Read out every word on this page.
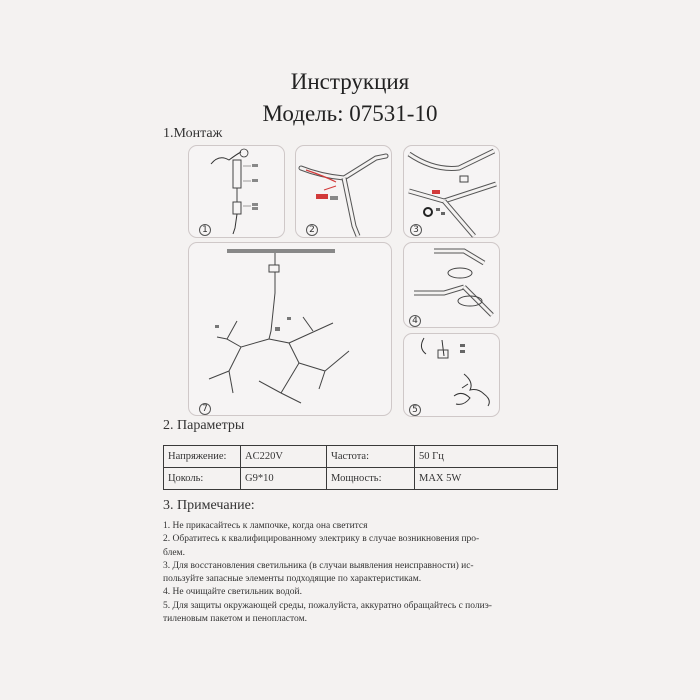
Инструкция
Модель: 07531-10
1.Монтаж
1	2	3
7
4
5
2. Параметры
Напряжение:	AC220V	Частота:	50 Гц
Цоколь:	G9*10	Мощность:	MAX 5W
3. Примечание:
1. Не прикасайтесь к лампочке, когда она светится
2. Обратитесь к квалифицированному электрику в случае возникновения про-
блем.
3. Для восстановления светильника (в случаи выявления неисправности) ис-
пользуйте запасные элементы подходящие по характеристикам.
4. Не очищайте светильник водой.
5. Для защиты окружающей среды, пожалуйста, аккуратно обращайтесь с полиэ-
тиленовым пакетом и пенопластом.
